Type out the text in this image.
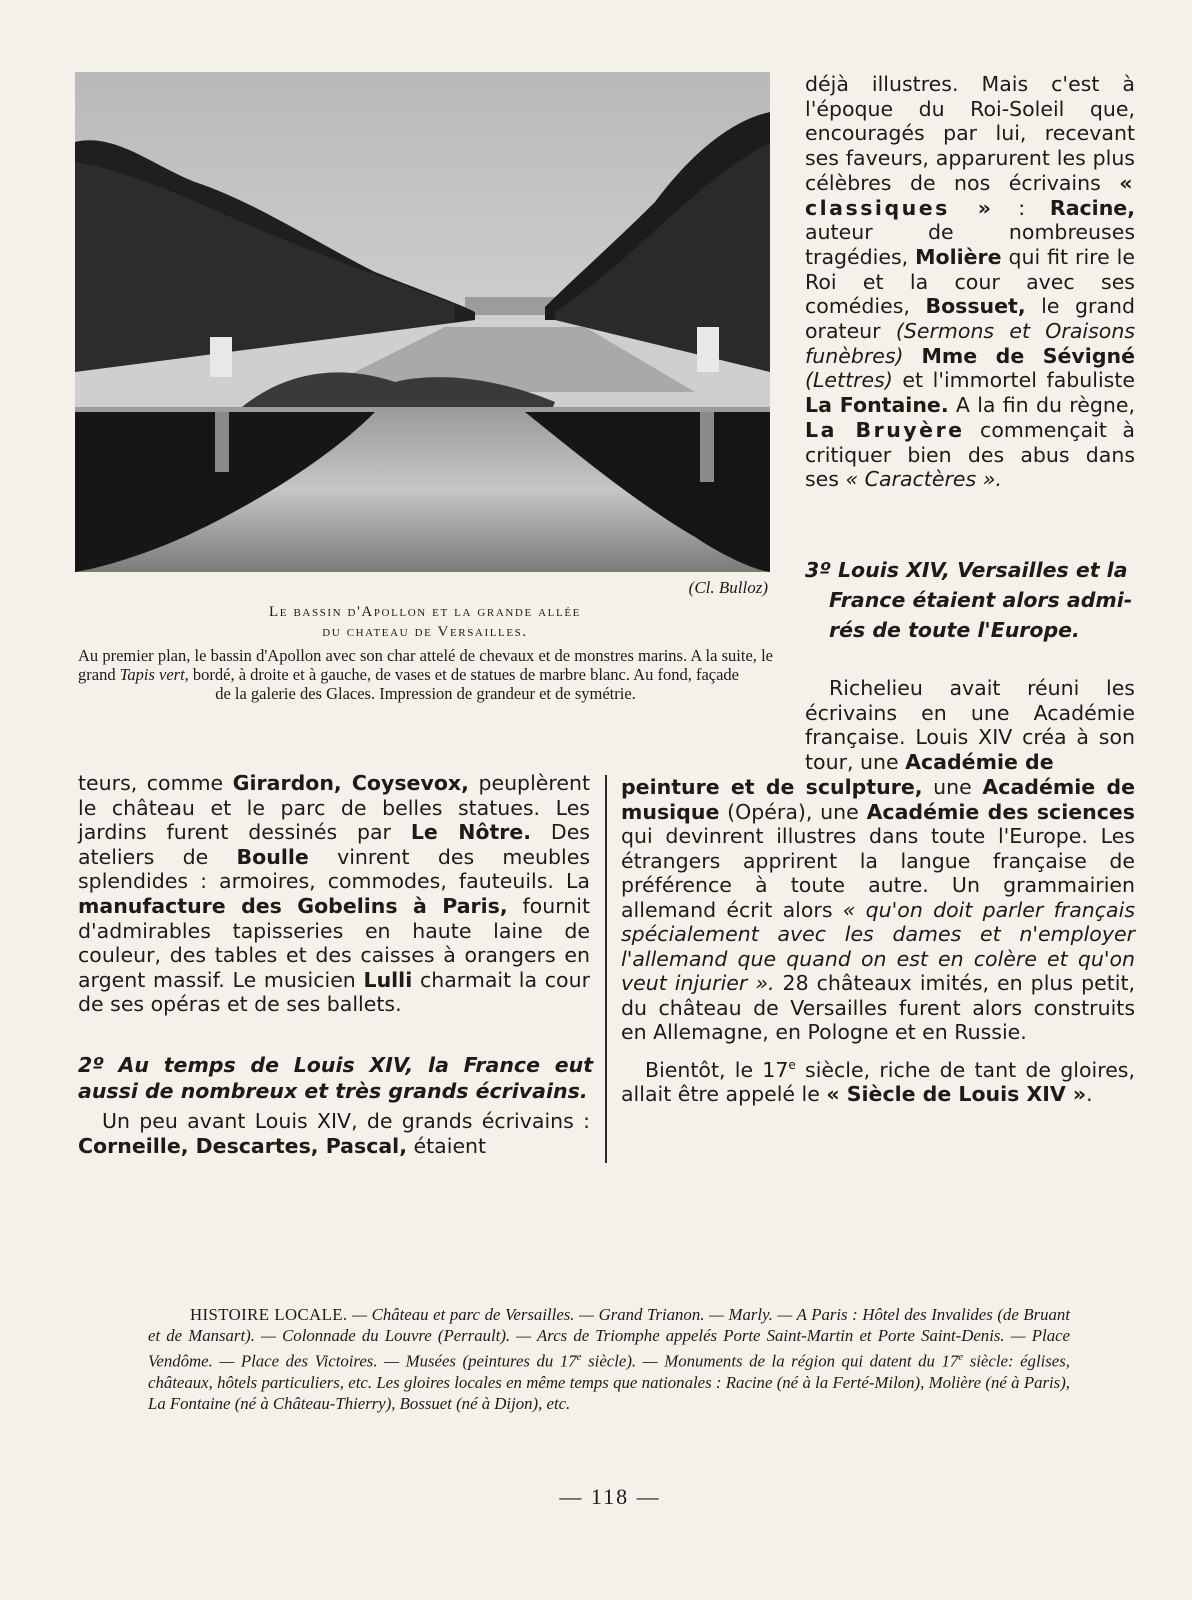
(Cl. Bulloz)
Le bassin d'Apollon et la grande allée
du chateau de Versailles.
Au premier plan, le bassin d'Apollon avec son char attelé de chevaux et de monstres marins. A la suite, le grand Tapis vert, bordé, à droite et à gauche, de vases et de statues de marbre blanc. Au fond, façade
de la galerie des Glaces. Impression de grandeur et de symétrie.
déjà illustres. Mais c'est à l'époque du Roi-Soleil que, encouragés par lui, recevant ses faveurs, apparurent les plus célèbres de nos écrivains « classiques » : Racine, auteur de nombreuses tragédies, Molière qui fit rire le Roi et la cour avec ses comédies, Bossuet, le grand orateur (Sermons et Oraisons funèbres) Mme de Sévigné (Lettres) et l'immortel fabuliste La Fontaine. A la fin du règne, La Bruyère commençait à critiquer bien des abus dans ses « Caractères ».
3º Louis XIV, Versailles et la
France étaient alors admi-
rés de toute l'Europe.
Richelieu avait réuni les écrivains en une Académie française. Louis XIV créa à son tour, une Académie de
teurs, comme Girardon, Coysevox, peuplèrent le château et le parc de belles statues. Les jardins furent dessinés par Le Nôtre. Des ateliers de Boulle vinrent des meubles splendides : armoires, commodes, fauteuils. La manufacture des Gobelins à Paris, fournit d'admirables tapisseries en haute laine de couleur, des tables et des caisses à orangers en argent massif. Le musicien Lulli charmait la cour de ses opéras et de ses ballets.
2º Au temps de Louis XIV, la France eut aussi de nombreux et très grands écrivains.
Un peu avant Louis XIV, de grands écrivains : Corneille, Descartes, Pascal, étaient
peinture et de sculpture, une Académie de musique (Opéra), une Académie des sciences qui devinrent illustres dans toute l'Europe. Les étrangers apprirent la langue française de préférence à toute autre. Un grammairien allemand écrit alors « qu'on doit parler français spécialement avec les dames et n'employer l'allemand que quand on est en colère et qu'on veut injurier ». 28 châteaux imités, en plus petit, du château de Versailles furent alors construits en Allemagne, en Pologne et en Russie.
Bientôt, le 17e siècle, riche de tant de gloires, allait être appelé le « Siècle de Louis XIV ».
HISTOIRE LOCALE. — Château et parc de Versailles. — Grand Trianon. — Marly. — A Paris : Hôtel des Invalides (de Bruant et de Mansart). — Colonnade du Louvre (Perrault). — Arcs de Triomphe appelés Porte Saint-Martin et Porte Saint-Denis. — Place Vendôme. — Place des Victoires. — Musées (peintures du 17e siècle). — Monuments de la région qui datent du 17e siècle: églises, châteaux, hôtels particuliers, etc. Les gloires locales en même temps que nationales : Racine (né à la Ferté-Milon), Molière (né à Paris), La Fontaine (né à Château-Thierry), Bossuet (né à Dijon), etc.
— 118 —
